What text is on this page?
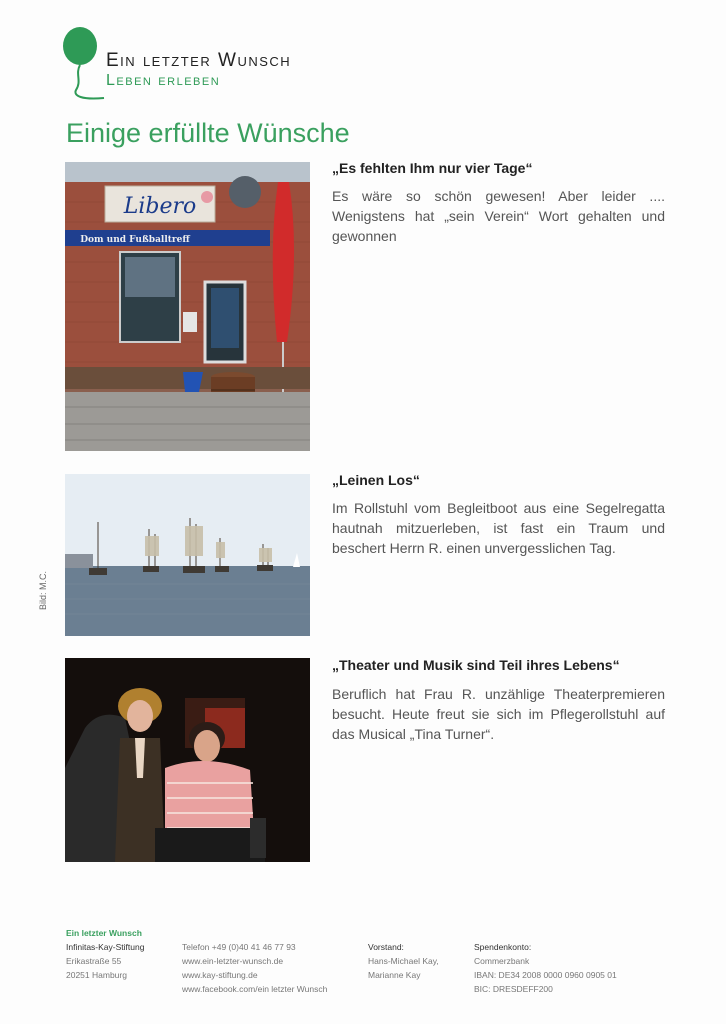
Ein letzter Wunsch
Leben erleben
Einige erfüllte Wünsche
Libero
Dom und Fußballtreff
„Es fehlten Ihm nur vier Tage“
Es wäre so schön gewesen! Aber leider .... Wenigstens hat „sein Verein“ Wort gehalten und gewonnen
Bild: M.C.
„Leinen Los“
Im Rollstuhl vom Begleitboot aus eine Segelregatta hautnah mitzuerleben, ist fast ein Traum und beschert Herrn R. einen unvergesslichen Tag.
„Theater und Musik sind Teil ihres Lebens“
Beruflich hat Frau R. unzählige Theaterpremieren besucht. Heute freut sie sich im Pflegerollstuhl auf das Musical „Tina Turner“.
Ein letzter Wunsch
Infinitas-Kay-Stiftung
Erikastraße 55
20251 Hamburg
Telefon +49 (0)40 41 46 77 93
www.ein-letzter-wunsch.de
www.kay-stiftung.de
www.facebook.com/ein letzter Wunsch
Vorstand:
Hans-Michael Kay,
Marianne Kay
Spendenkonto:
Commerzbank
IBAN: DE34 2008 0000 0960 0905 01
BIC: DRESDEFF200
